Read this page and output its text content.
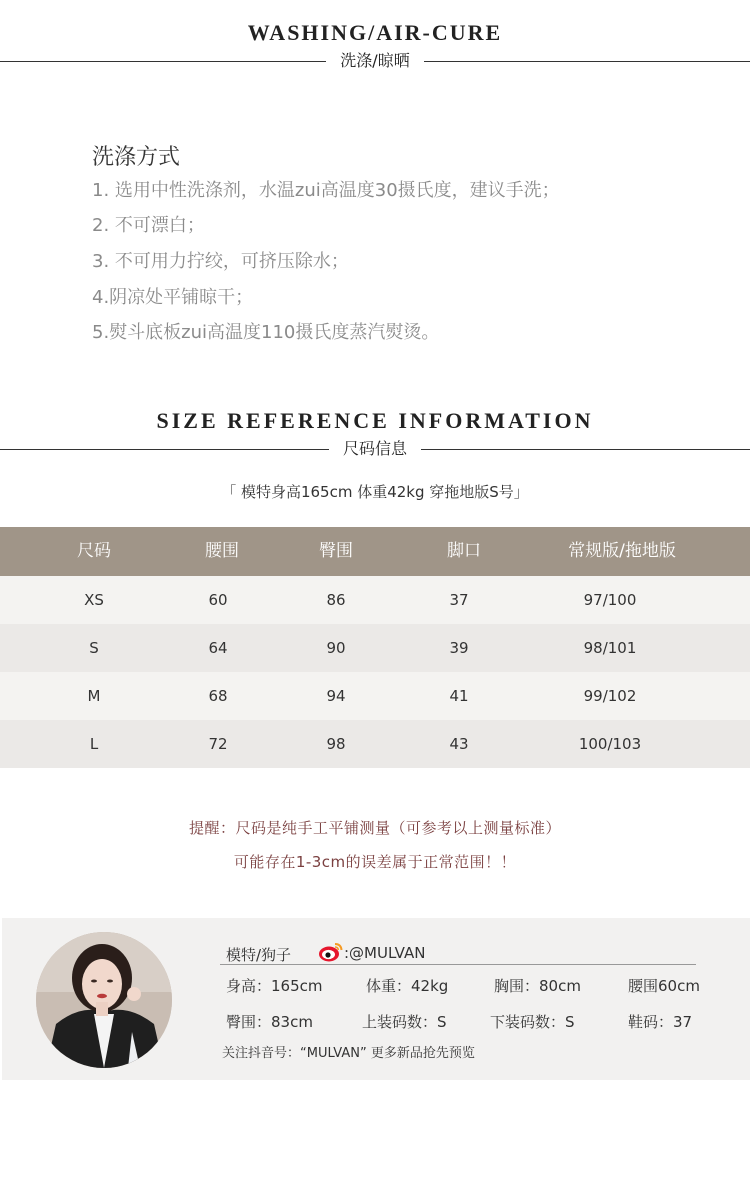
WASHING/AIR-CURE
洗涤/晾晒
洗涤方式
1. 选用中性洗涤剂，水温zui高温度30摄氏度，建议手洗；
2. 不可漂白；
3. 不可用力拧绞，可挤压除水；
4.阴凉处平铺晾干；
5.熨斗底板zui高温度110摄氏度蒸汽熨烫。
SIZE REFERENCE INFORMATION
尺码信息
「 模特身高165cm 体重42kg 穿拖地版S号」
尺码	腰围	臀围	脚口	常规版/拖地版
XS	60	86	37	97/100
S	64	90	39	98/101
M	68	94	41	99/102
L	72	98	43	100/103
提醒：尺码是纯手工平铺测量（可参考以上测量标准）
可能存在1-3cm的误差属于正常范围！！
模特/狗子	:@MULVAN
身高：165cm	体重：42kg	胸围：80cm	腰围60cm
臀围：83cm	上装码数：S	下装码数：S	鞋码：37
关注抖音号：“MULVAN” 更多新品抢先预览
